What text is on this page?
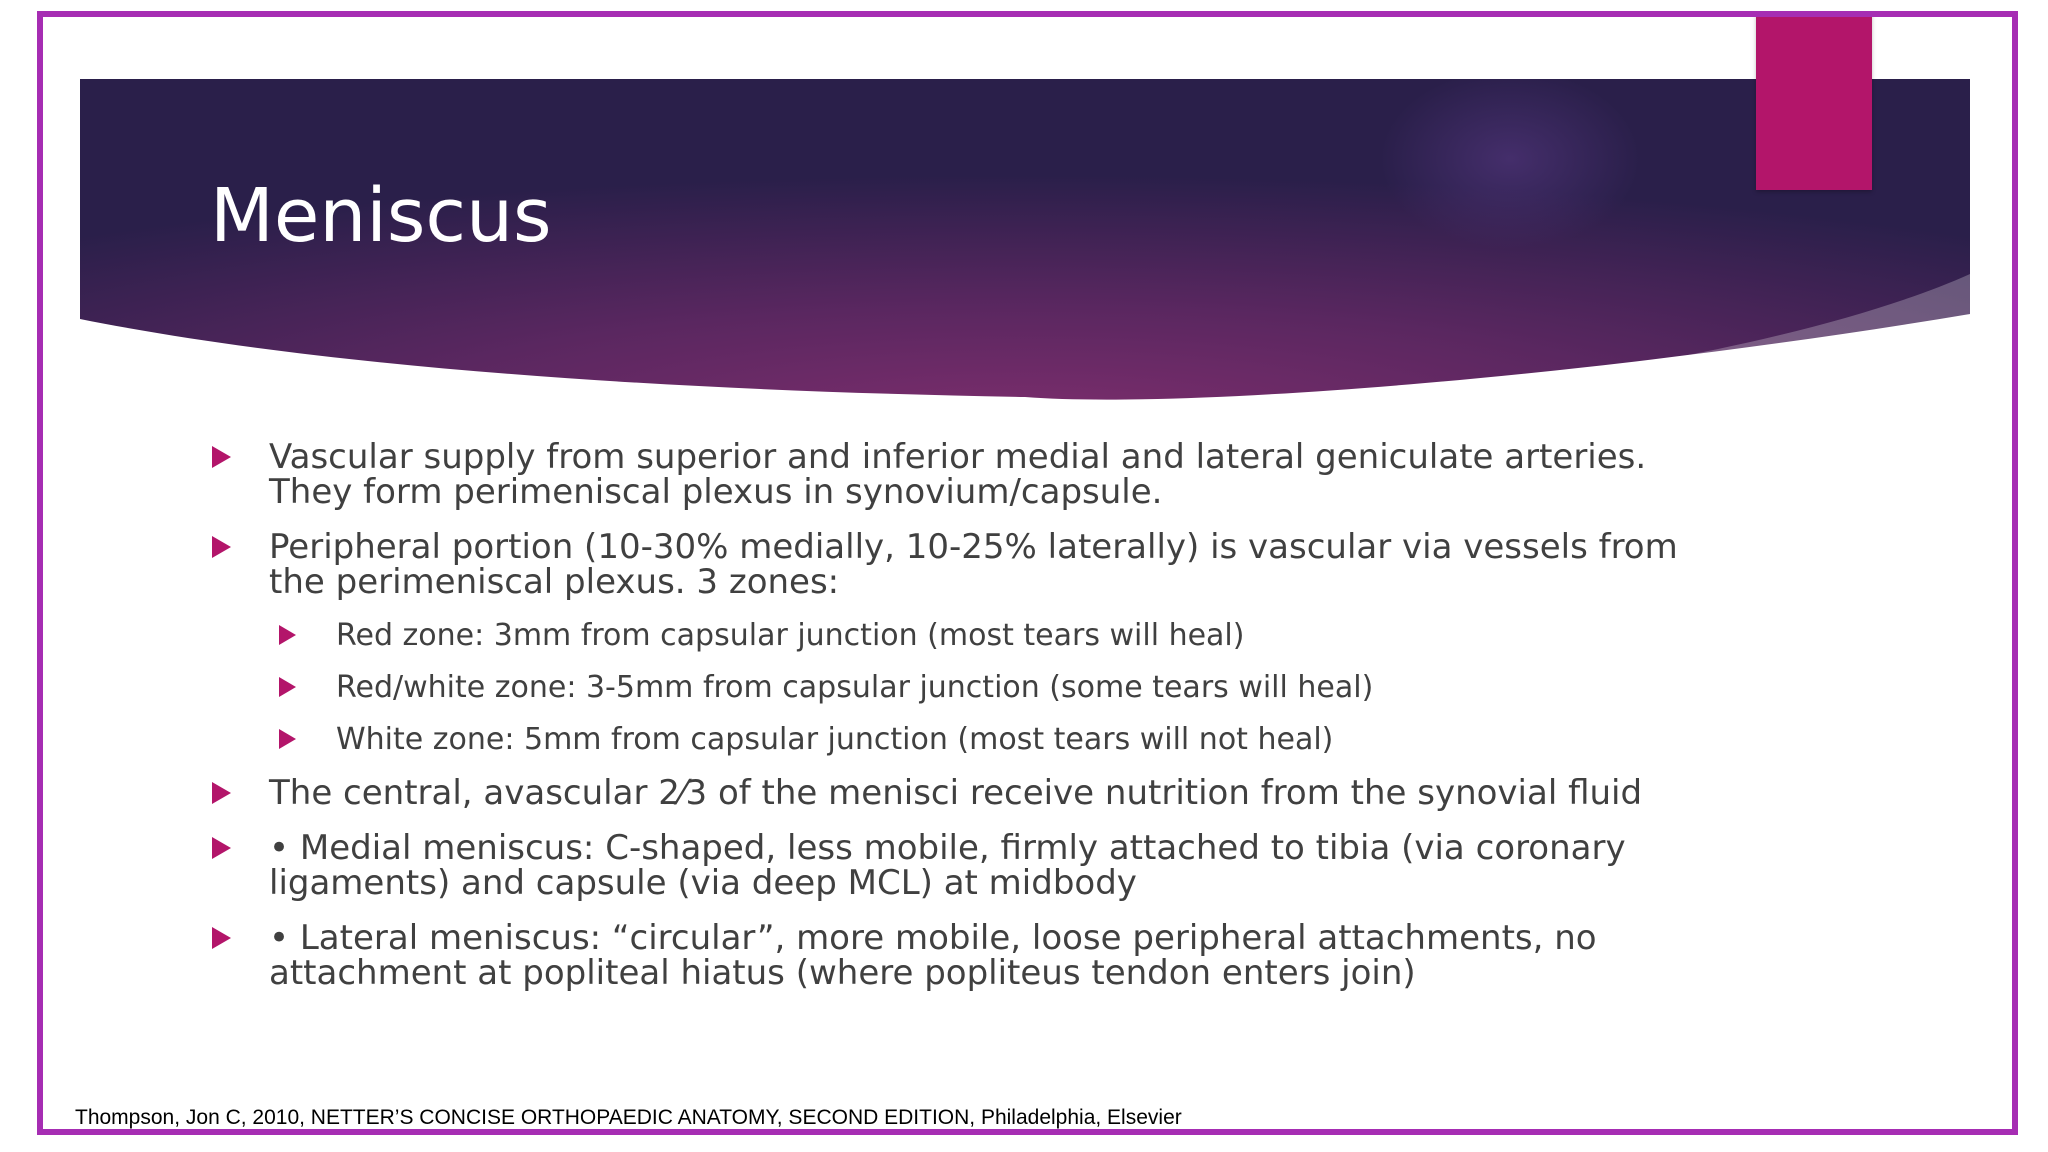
Meniscus
Vascular supply from superior and inferior medial and lateral geniculate arteries. They form perimeniscal plexus in synovium/capsule.
Peripheral portion (10-30% medially, 10-25% laterally) is vascular via vessels from the perimeniscal plexus. 3 zones:
Red zone: 3mm from capsular junction (most tears will heal)
Red/white zone: 3-5mm from capsular junction (some tears will heal)
White zone: 5mm from capsular junction (most tears will not heal)
The central, avascular 2⁄3 of the menisci receive nutrition from the synovial fluid
• Medial meniscus: C-shaped, less mobile, firmly attached to tibia (via coronary ligaments) and capsule (via deep MCL) at midbody
• Lateral meniscus: “circular”, more mobile, loose peripheral attachments, no attachment at popliteal hiatus (where popliteus tendon enters join)
Thompson, Jon C, 2010, NETTER’S CONCISE ORTHOPAEDIC ANATOMY, SECOND EDITION, Philadelphia, Elsevier
